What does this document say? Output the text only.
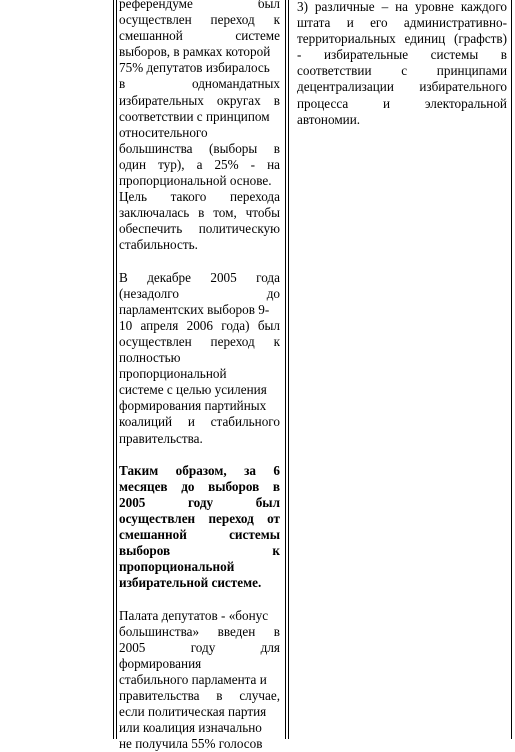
референдуме был
осуществлен переход к
смешанной системе
выборов, в рамках которой
75% депутатов избиралось
в одномандатных
избирательных округах в
соответствии с принципом
относительного
большинства (выборы в
один тур), а 25% - на
пропорциональной основе.
Цель такого перехода
заключалась в том, чтобы
обеспечить политическую
стабильность.
В декабре 2005 года
(незадолго до
парламентских выборов 9-
10 апреля 2006 года) был
осуществлен переход к
полностью
пропорциональной
системе с целью усиления
формирования партийных
коалиций и стабильного
правительства.
Таким образом, за 6
месяцев до выборов в
2005 году был
осуществлен переход от
смешанной системы
выборов к
пропорциональной
избирательной системе.
Палата депутатов - «бонус
большинства» введен в
2005 году для
формирования
стабильного парламента и
правительства в случае,
если политическая партия
или коалиция изначально
не получила 55% голосов
3) различные – на уровне каждого
штата и его административно-
территориальных единиц (графств)
- избирательные системы в
соответствии с принципами
децентрализации избирательного
процесса и электоральной
автономии.
